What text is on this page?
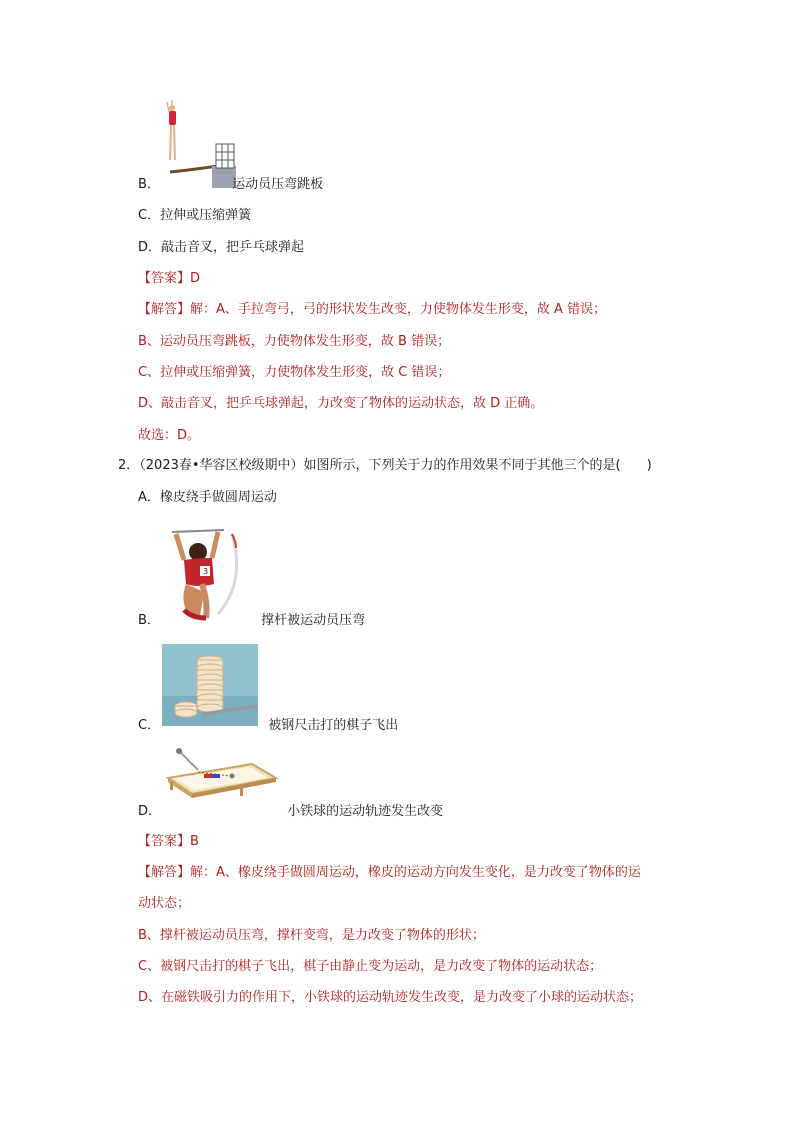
B．	运动员压弯跳板
C．拉伸或压缩弹簧
D．敲击音叉，把乒乓球弹起
【答案】D
【解答】解：A、手拉弯弓，弓的形状发生改变，力使物体发生形变，故 A 错误；
B、运动员压弯跳板，力使物体发生形变，故 B 错误；
C、拉伸或压缩弹簧，力使物体发生形变，故 C 错误；
D、敲击音叉，把乒乓球弹起，力改变了物体的运动状态，故 D 正确。
故选：D。
2．（2023春•华容区校级期中）如图所示，下列关于力的作用效果不同于其他三个的是(　　)
A．橡皮绕手做圆周运动
3
B．	撑杆被运动员压弯
C．	被钢尺击打的棋子飞出
D．	小铁球的运动轨迹发生改变
【答案】B
【解答】解：A、橡皮绕手做圆周运动，橡皮的运动方向发生变化，是力改变了物体的运
动状态；
B、撑杆被运动员压弯，撑杆变弯，是力改变了物体的形状；
C、被钢尺击打的棋子飞出，棋子由静止变为运动，是力改变了物体的运动状态；
D、在磁铁吸引力的作用下，小铁球的运动轨迹发生改变，是力改变了小球的运动状态；
